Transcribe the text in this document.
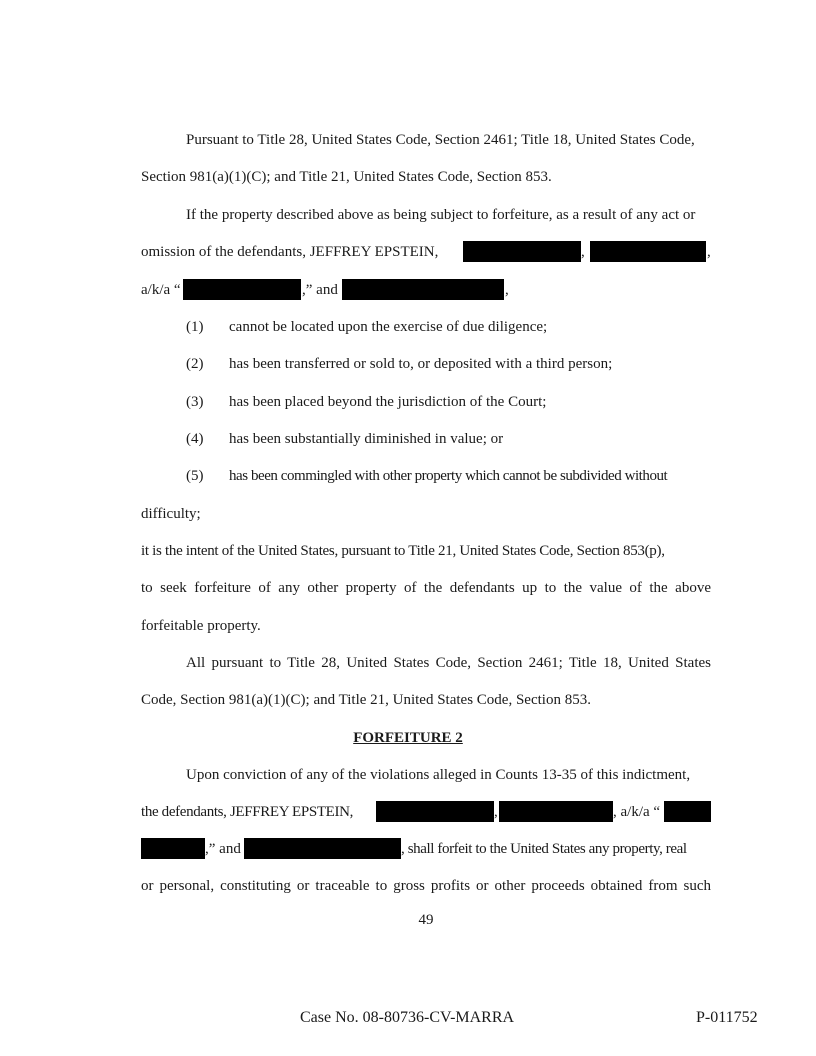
Pursuant to Title 28, United States Code, Section 2461; Title 18, United States Code,
Section 981(a)(1)(C); and Title 21, United States Code, Section 853.
If the property described above as being subject to forfeiture, as a result of any act or
omission of the defendants, JEFFREY EPSTEIN,	,	,
a/k/a “	,” and	,
(1) cannot be located upon the exercise of due diligence;
(2) has been transferred or sold to, or deposited with a third person;
(3) has been placed beyond the jurisdiction of the Court;
(4) has been substantially diminished in value; or
(5) has been commingled with other property which cannot be subdivided without
difficulty;
it is the intent of the United States, pursuant to Title 21, United States Code, Section 853(p),
to seek forfeiture of any other property of the defendants up to the value of the above
forfeitable property.
All pursuant to Title 28, United States Code, Section 2461; Title 18, United States
Code, Section 981(a)(1)(C); and Title 21, United States Code, Section 853.
FORFEITURE 2
Upon conviction of any of the violations alleged in Counts 13-35 of this indictment,
the defendants, JEFFREY EPSTEIN,	,	, a/k/a “
,” and	, shall forfeit to the United States any property, real
or personal, constituting or traceable to gross profits or other proceeds obtained from such
49
Case No. 08-80736-CV-MARRA	P-011752
